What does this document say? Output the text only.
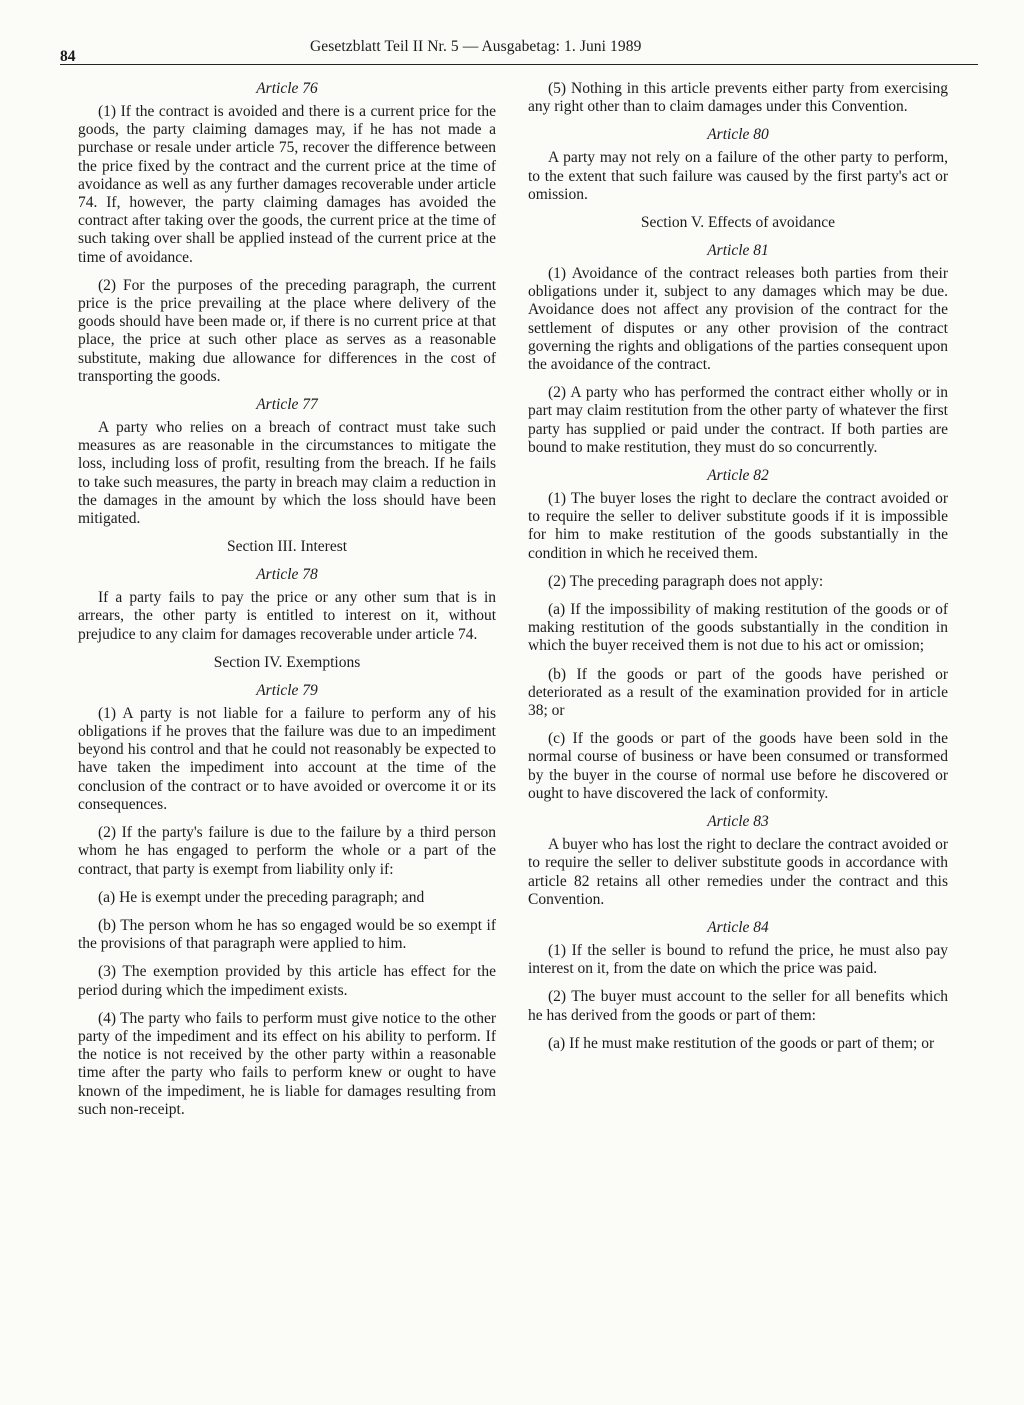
84
Gesetzblatt Teil II Nr. 5 — Ausgabetag: 1. Juni 1989
Article 76

(1) If the contract is avoided and there is a current price for the goods, the party claiming damages may, if he has not made a purchase or resale under article 75, recover the difference between the price fixed by the contract and the current price at the time of avoidance as well as any further damages recoverable under article 74. If, however, the party claiming damages has avoided the contract after taking over the goods, the current price at the time of such taking over shall be applied instead of the current price at the time of avoidance.

(2) For the purposes of the preceding paragraph, the current price is the price prevailing at the place where delivery of the goods should have been made or, if there is no current price at that place, the price at such other place as serves as a reasonable substitute, making due allowance for differences in the cost of transporting the goods.

Article 77

A party who relies on a breach of contract must take such measures as are reasonable in the circumstances to mitigate the loss, including loss of profit, resulting from the breach. If he fails to take such measures, the party in breach may claim a reduction in the damages in the amount by which the loss should have been mitigated.

Section III. Interest
Article 78

If a party fails to pay the price or any other sum that is in arrears, the other party is entitled to interest on it, without prejudice to any claim for damages recoverable under article 74.

Section IV. Exemptions
Article 79

(1) A party is not liable for a failure to perform any of his obligations if he proves that the failure was due to an impediment beyond his control and that he could not reasonably be expected to have taken the impediment into account at the time of the conclusion of the contract or to have avoided or overcome it or its consequences.

(2) If the party's failure is due to the failure by a third person whom he has engaged to perform the whole or a part of the contract, that party is exempt from liability only if:

(a) He is exempt under the preceding paragraph; and

(b) The person whom he has so engaged would be so exempt if the provisions of that paragraph were applied to him.

(3) The exemption provided by this article has effect for the period during which the impediment exists.

(4) The party who fails to perform must give notice to the other party of the impediment and its effect on his ability to perform. If the notice is not received by the other party within a reasonable time after the party who fails to perform knew or ought to have known of the impediment, he is liable for damages resulting from such non-receipt.

(5) Nothing in this article prevents either party from exercising any right other than to claim damages under this Convention.

Article 80

A party may not rely on a failure of the other party to perform, to the extent that such failure was caused by the first party's act or omission.

Section V. Effects of avoidance
Article 81

(1) Avoidance of the contract releases both parties from their obligations under it, subject to any damages which may be due. Avoidance does not affect any provision of the contract for the settlement of disputes or any other provision of the contract governing the rights and obligations of the parties consequent upon the avoidance of the contract.

(2) A party who has performed the contract either wholly or in part may claim restitution from the other party of whatever the first party has supplied or paid under the contract. If both parties are bound to make restitution, they must do so concurrently.

Article 82

(1) The buyer loses the right to declare the contract avoided or to require the seller to deliver substitute goods if it is impossible for him to make restitution of the goods substantially in the condition in which he received them.

(2) The preceding paragraph does not apply:

(a) If the impossibility of making restitution of the goods or of making restitution of the goods substantially in the condition in which the buyer received them is not due to his act or omission;

(b) If the goods or part of the goods have perished or deteriorated as a result of the examination provided for in article 38; or

(c) If the goods or part of the goods have been sold in the normal course of business or have been consumed or transformed by the buyer in the course of normal use before he discovered or ought to have discovered the lack of conformity.

Article 83

A buyer who has lost the right to declare the contract avoided or to require the seller to deliver substitute goods in accordance with article 82 retains all other remedies under the contract and this Convention.

Article 84

(1) If the seller is bound to refund the price, he must also pay interest on it, from the date on which the price was paid.

(2) The buyer must account to the seller for all benefits which he has derived from the goods or part of them:

(a) If he must make restitution of the goods or part of them; or
